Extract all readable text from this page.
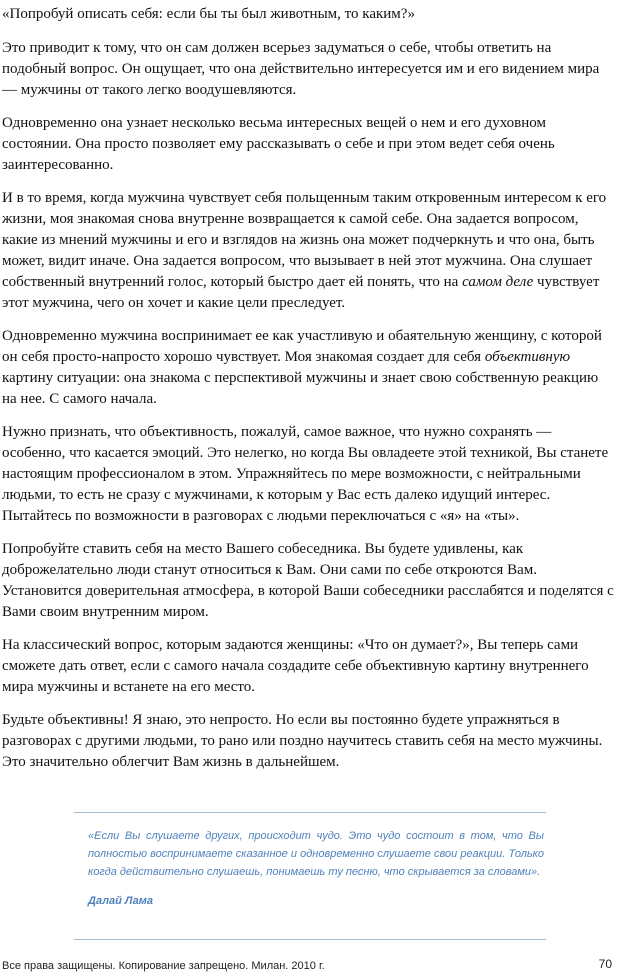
«Попробуй описать себя: если бы ты был животным, то каким?»

Это приводит к тому, что он сам должен всерьез задуматься о себе, чтобы ответить на подобный вопрос. Он ощущает, что она действительно интересуется им и его видением мира — мужчины от такого легко воодушевляются.

Одновременно она узнает несколько весьма интересных вещей о нем и его духовном состоянии. Она просто позволяет ему рассказывать о себе и при этом ведет себя очень заинтересованно.

И в то время, когда мужчина чувствует себя польщенным таким откровенным интересом к его жизни, моя знакомая снова внутренне возвращается к самой себе. Она задается вопросом, какие из мнений мужчины и его и взглядов на жизнь она может подчеркнуть и что она, быть может, видит иначе. Она задается вопросом, что вызывает в ней этот мужчина. Она слушает собственный внутренний голос, который быстро дает ей понять, что на самом деле чувствует этот мужчина, чего он хочет и какие цели преследует.

Одновременно мужчина воспринимает ее как участливую и обаятельную женщину, с которой он себя просто-напросто хорошо чувствует. Моя знакомая создает для себя объективную картину ситуации: она знакома с перспективой мужчины и знает свою собственную реакцию на нее. С самого начала.

Нужно признать, что объективность, пожалуй, самое важное, что нужно сохранять — особенно, что касается эмоций. Это нелегко, но когда Вы овладеете этой техникой, Вы станете настоящим профессионалом в этом. Упражняйтесь по мере возможности, с нейтральными людьми, то есть не сразу с мужчинами, к которым у Вас есть далеко идущий интерес. Пытайтесь по возможности в разговорах с людьми переключаться с «я» на «ты».

Попробуйте ставить себя на место Вашего собеседника. Вы будете удивлены, как доброжелательно люди станут относиться к Вам. Они сами по себе откроются Вам. Установится доверительная атмосфера, в которой Ваши собеседники расслабятся и поделятся с Вами своим внутренним миром.

На классический вопрос, которым задаются женщины: «Что он думает?», Вы теперь сами сможете дать ответ, если с самого начала создадите себе объективную картину внутреннего мира мужчины и встанете на его место.

Будьте объективны! Я знаю, это непросто. Но если вы постоянно будете упражняться в разговорах с другими людьми, то рано или поздно научитесь ставить себя на место мужчины. Это значительно облегчит Вам жизнь в дальнейшем.

«Если Вы слушаете других, происходит чудо. Это чудо состоит в том, что Вы полностью воспринимаете сказанное и одновременно слушаете свои реакции. Только когда действительно слушаешь, понимаешь ту песню, что скрывается за словами».

Далай Лама
Все права защищены. Копирование запрещено. Милан. 2010 г.	70
